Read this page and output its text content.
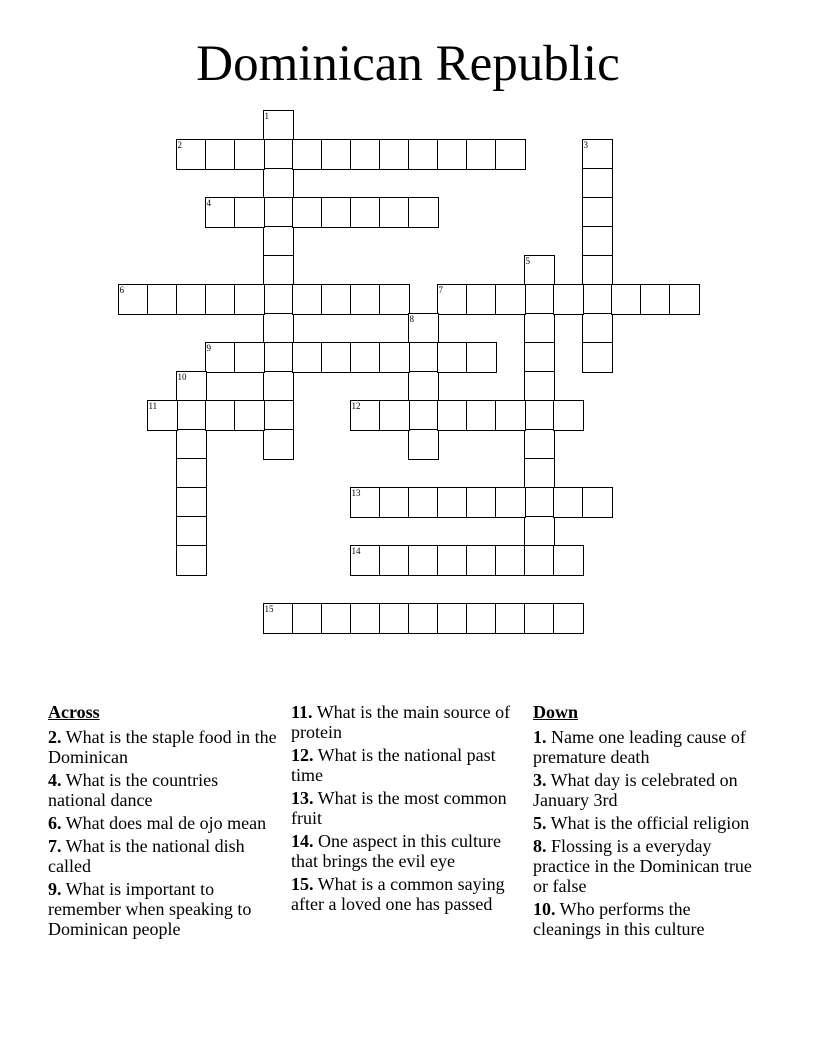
Dominican Republic
1
2	3
4
5
6	7
8
9
10
11	12
13
14
15
Across
2. What is the staple food in the Dominican
4. What is the countries national dance
6. What does mal de ojo mean
7. What is the national dish called
9. What is important to remember when speaking to Dominican people
11. What is the main source of protein
12. What is the national past time
13. What is the most common fruit
14. One aspect in this culture that brings the evil eye
15. What is a common saying after a loved one has passed
Down
1. Name one leading cause of premature death
3. What day is celebrated on January 3rd
5. What is the official religion
8. Flossing is a everyday practice in the Dominican true or false
10. Who performs the cleanings in this culture
